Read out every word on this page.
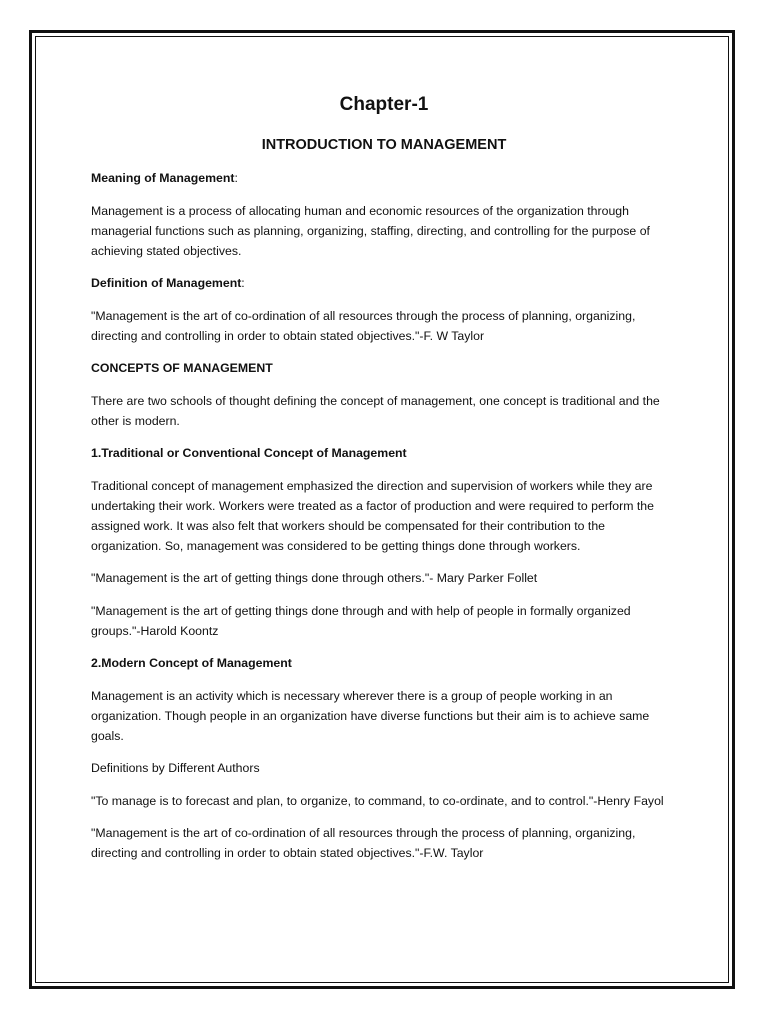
Chapter-1
INTRODUCTION TO MANAGEMENT

Meaning of Management:

Management is a process of allocating human and economic resources of the organization through managerial functions such as planning, organizing, staffing, directing, and controlling for the purpose of achieving stated objectives.

Definition of Management:

"Management is the art of co-ordination of all resources through the process of planning, organizing, directing and controlling in order to obtain stated objectives."-F. W Taylor

CONCEPTS OF MANAGEMENT

There are two schools of thought defining the concept of management, one concept is traditional and the other is modern.

1.Traditional or Conventional Concept of Management

Traditional concept of management emphasized the direction and supervision of workers while they are undertaking their work. Workers were treated as a factor of production and were required to perform the assigned work. It was also felt that workers should be compensated for their contribution to the organization. So, management was considered to be getting things done through workers.

"Management is the art of getting things done through others."- Mary Parker Follet

"Management is the art of getting things done through and with help of people in formally organized groups."-Harold Koontz

2.Modern Concept of Management

Management is an activity which is necessary wherever there is a group of people working in an organization. Though people in an organization have diverse functions but their aim is to achieve same goals.

Definitions by Different Authors

"To manage is to forecast and plan, to organize, to command, to co-ordinate, and to control."-Henry Fayol

"Management is the art of co-ordination of all resources through the process of planning, organizing, directing and controlling in order to obtain stated objectives."-F.W. Taylor
